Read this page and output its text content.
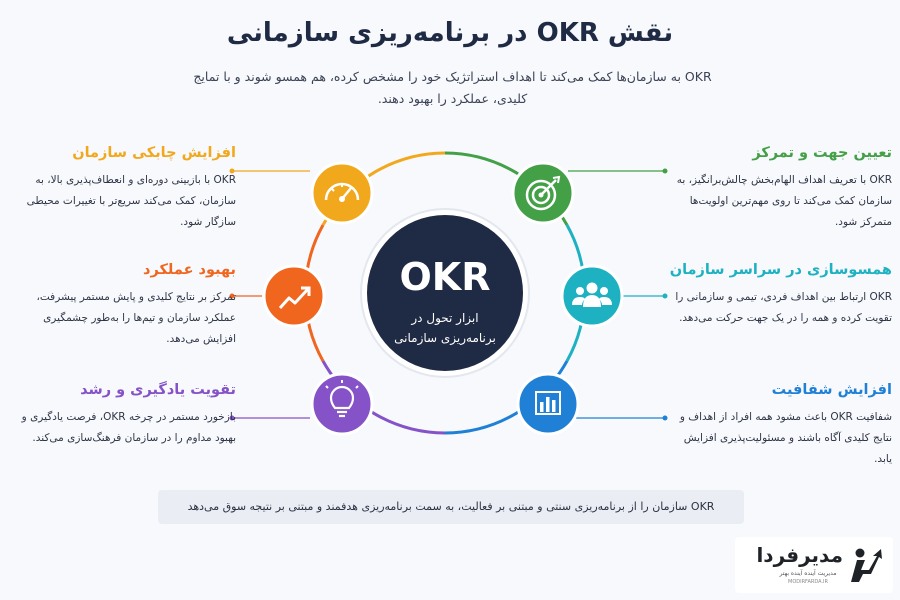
نقش OKR در برنامه‌ریزی سازمانی

OKR به سازمان‌ها کمک می‌کند تا اهداف استراتژیک خود را مشخص کرده، هم همسو شوند و با تمایج کلیدی، عملکرد را بهبود دهند.

OKR
ابزار تحول در
برنامه‌ریزی سازمانی
تعیین جهت و تمرکز

OKR با تعریف اهداف الهام‌بخش چالش‌برانگیز، به سازمان کمک می‌کند تا روی مهم‌ترین اولویت‌ها متمرکز شود.

همسوسازی در سراسر سازمان

OKR ارتباط بین اهداف فردی، تیمی و سازمانی را تقویت کرده و همه را در یک جهت حرکت می‌دهد.

افزایش شفافیت

شفافیت OKR باعث مشود همه افراد از اهداف و نتایج کلیدی آگاه باشند و مسئولیت‌پذیری افزایش یابد.

افزایش چابکی سازمان

OKR با بازبینی دوره‌ای و انعطاف‌پذیری بالا، به سازمان، کمک می‌کند سریع‌تر با تغییرات محیطی سازگار شود.

بهبود عملکرد

تمرکز بر نتایج کلیدی و پایش مستمر پیشرفت، عملکرد سازمان و تیم‌ها را به‌طور چشمگیری افزایش می‌دهد.

تقویت یادگیری و رشد

بازخورد مستمر در چرخه OKR، فرصت یادگیری و بهبود مداوم را در سازمان فرهنگ‌سازی می‌کند.

OKR سازمان را از برنامه‌ریزی سنتی و مبتنی بر فعالیت، به سمت برنامه‌ریزی هدفمند و مبتنی بر نتیجه سوق می‌دهد
مدیرفردا
مدیریت آینده آینده بهتر
MODIRFARDA.IR
